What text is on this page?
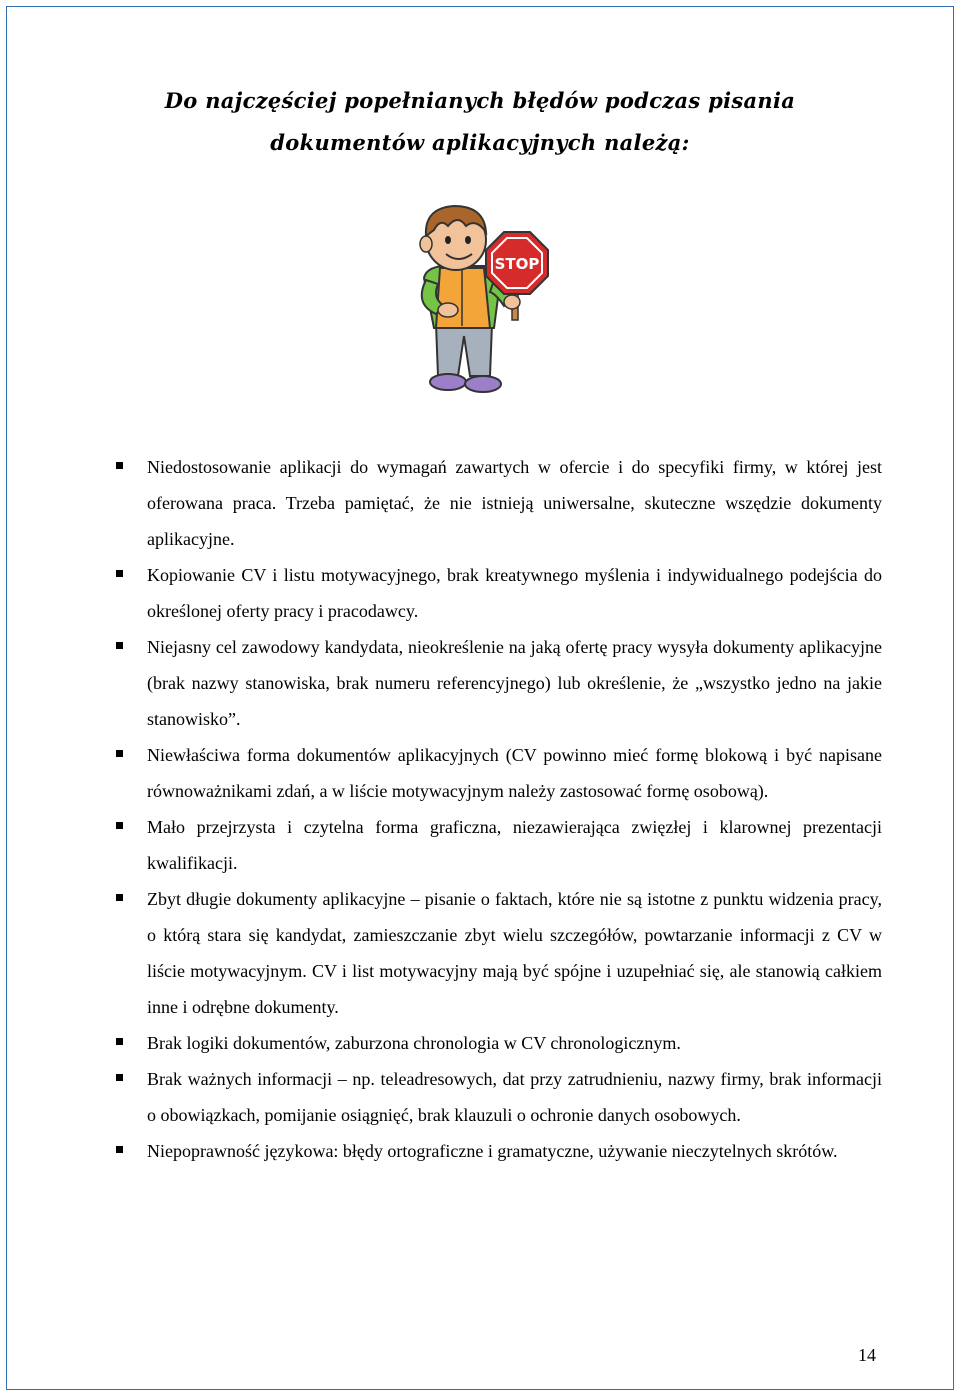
Do najczęściej popełnianych błędów podczas pisania
dokumentów aplikacyjnych należą:
STOP
Niedostosowanie aplikacji do wymagań zawartych w ofercie i do specyfiki firmy, w której jest oferowana praca. Trzeba pamiętać, że nie istnieją uniwersalne, skuteczne wszędzie dokumenty aplikacyjne.
Kopiowanie CV i listu motywacyjnego, brak kreatywnego myślenia i indywidualnego podejścia do określonej oferty pracy i pracodawcy.
Niejasny cel zawodowy kandydata, nieokreślenie na jaką ofertę pracy wysyła dokumenty aplikacyjne (brak nazwy stanowiska, brak numeru referencyjnego) lub określenie, że „wszystko jedno na jakie stanowisko”.
Niewłaściwa forma dokumentów aplikacyjnych (CV powinno mieć formę blokową i być napisane równoważnikami zdań, a w liście motywacyjnym należy zastosować formę osobową).
Mało przejrzysta i czytelna forma graficzna, niezawierająca zwięzłej i klarownej prezentacji kwalifikacji.
Zbyt długie dokumenty aplikacyjne – pisanie o faktach, które nie są istotne z punktu widzenia pracy, o którą stara się kandydat, zamieszczanie zbyt wielu szczegółów, powtarzanie informacji z CV w liście motywacyjnym. CV i list motywacyjny mają być spójne i uzupełniać się, ale stanowią całkiem inne i odrębne dokumenty.
Brak logiki dokumentów, zaburzona chronologia w CV chronologicznym.
Brak ważnych informacji – np. teleadresowych, dat przy zatrudnieniu, nazwy firmy, brak informacji o obowiązkach, pomijanie osiągnięć, brak klauzuli o ochronie danych osobowych.
Niepoprawność językowa: błędy ortograficzne i gramatyczne, używanie nieczytelnych skrótów.
14
